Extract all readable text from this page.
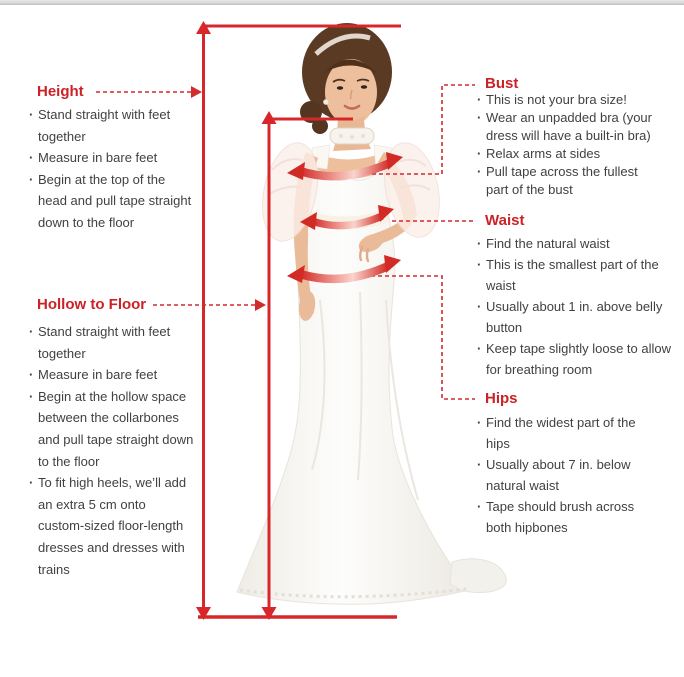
Height
· Stand straight with feet together
· Measure in bare feet
· Begin at the top of the head and pull tape straight down to the floor
Hollow to Floor
· Stand straight with feet together
· Measure in bare feet
· Begin at the hollow space between the collarbones and pull tape straight down to the floor
· To fit high heels, we’ll add an extra 5 cm onto custom-sized floor-length dresses and dresses with trains
Bust
· This is not your bra size!
· Wear an unpadded bra (your dress will have a built-in bra)
· Relax arms at sides
· Pull tape across the fullest part of the bust
Waist
· Find the natural waist
· This is the smallest part of the waist
· Usually about 1 in. above belly button
· Keep tape slightly loose to allow for breathing room
Hips
· Find the widest part of the hips
· Usually about 7 in. below natural waist
· Tape should brush across both hipbones
